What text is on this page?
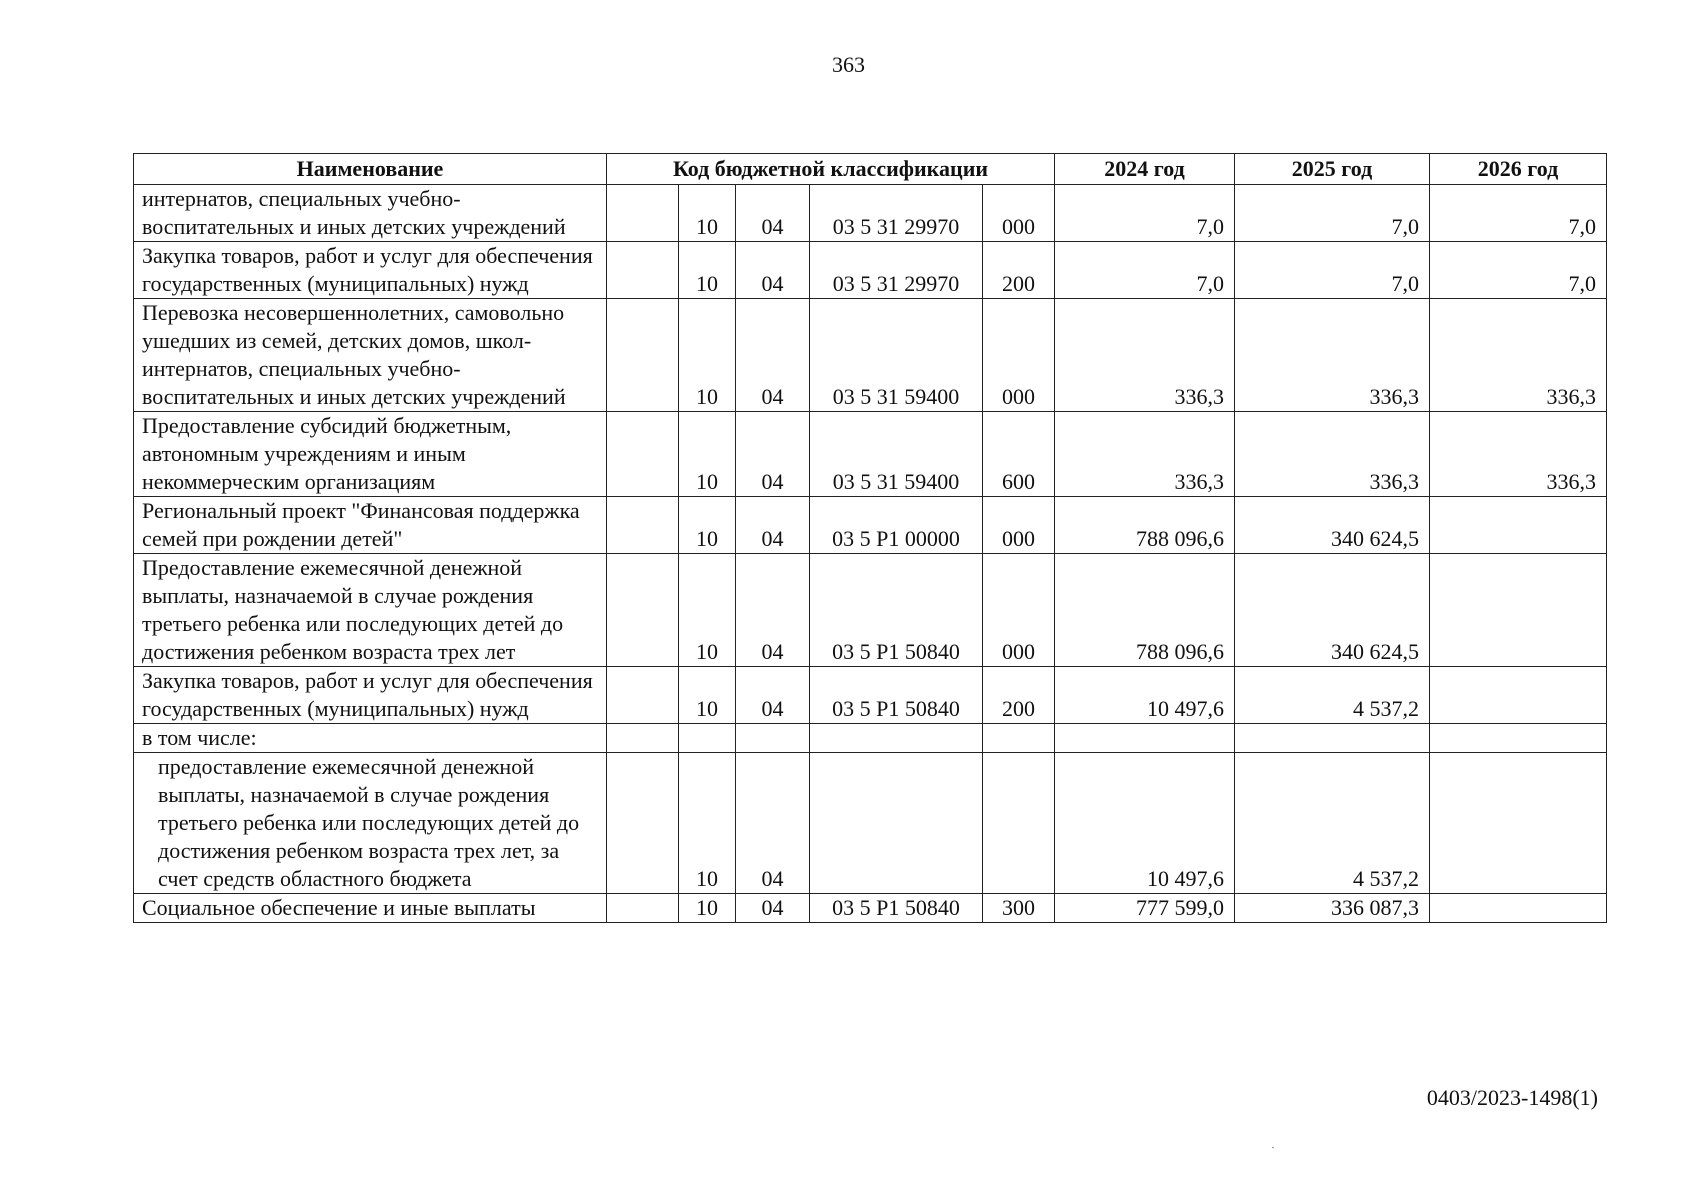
363
Наименование	Код бюджетной классификации					2024 год	2025 год	2026 год
интернатов, специальных учебно-воспитательных и иных детских учреждений		10	04	03 5 31 29970	000	7,0	7,0	7,0
Закупка товаров, работ и услуг для обеспечения государственных (муниципальных) нужд		10	04	03 5 31 29970	200	7,0	7,0	7,0
Перевозка несовершеннолетних, самовольно ушедших из семей, детских домов, школ-интернатов, специальных учебно-воспитательных и иных детских учреждений		10	04	03 5 31 59400	000	336,3	336,3	336,3
Предоставление субсидий бюджетным, автономным учреждениям и иным некоммерческим организациям		10	04	03 5 31 59400	600	336,3	336,3	336,3
Региональный проект "Финансовая поддержка семей при рождении детей"		10	04	03 5 Р1 00000	000	788 096,6	340 624,5	
Предоставление ежемесячной денежной выплаты, назначаемой в случае рождения третьего ребенка или последующих детей до достижения ребенком возраста трех лет		10	04	03 5 Р1 50840	000	788 096,6	340 624,5	
Закупка товаров, работ и услуг для обеспечения государственных (муниципальных) нужд		10	04	03 5 Р1 50840	200	10 497,6	4 537,2	
в том числе:								
предоставление ежемесячной денежной выплаты, назначаемой в случае рождения третьего ребенка или последующих детей до достижения ребенком возраста трех лет, за счет средств областного бюджета		10	04			10 497,6	4 537,2	
Социальное обеспечение и иные выплаты		10	04	03 5 Р1 50840	300	777 599,0	336 087,3	
0403/2023-1498(1)
